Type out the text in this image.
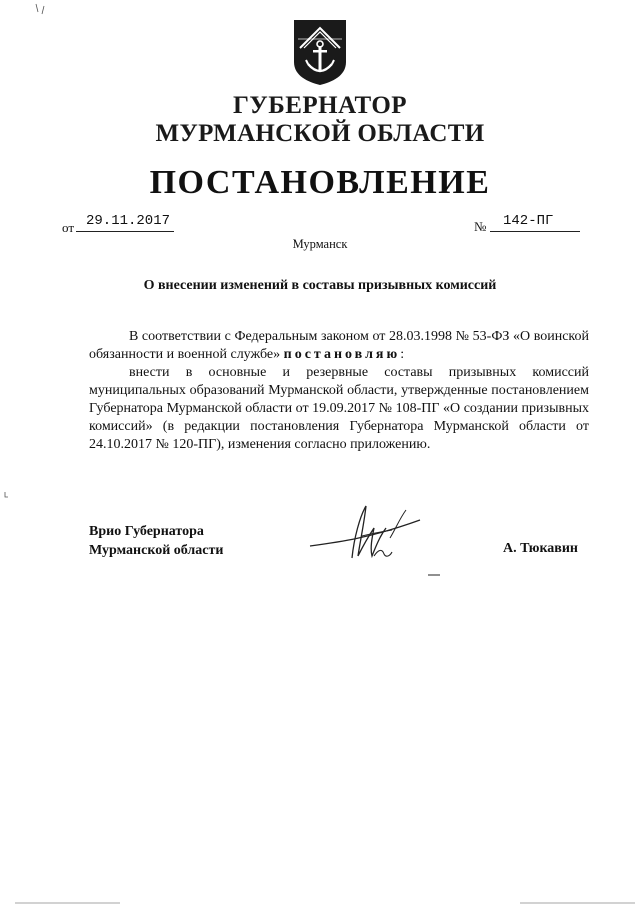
ГУБЕРНАТОР
МУРМАНСКОЙ ОБЛАСТИ
ПОСТАНОВЛЕНИЕ
от 29.11.2017	№ 142-ПГ
Мурманск
О внесении изменений в составы призывных комиссий

В соответствии с Федеральным законом от 28.03.1998 № 53-ФЗ «О воинской обязанности и военной службе» постановляю:

внести в основные и резервные составы призывных комиссий муниципальных образований Мурманской области, утвержденные постановлением Губернатора Мурманской области от 19.09.2017 № 108-ПГ «О создании призывных комиссий» (в редакции постановления Губернатора Мурманской области от 24.10.2017 № 120-ПГ), изменения согласно приложению.

Врио Губернатора
Мурманской области	А. Тюкавин
